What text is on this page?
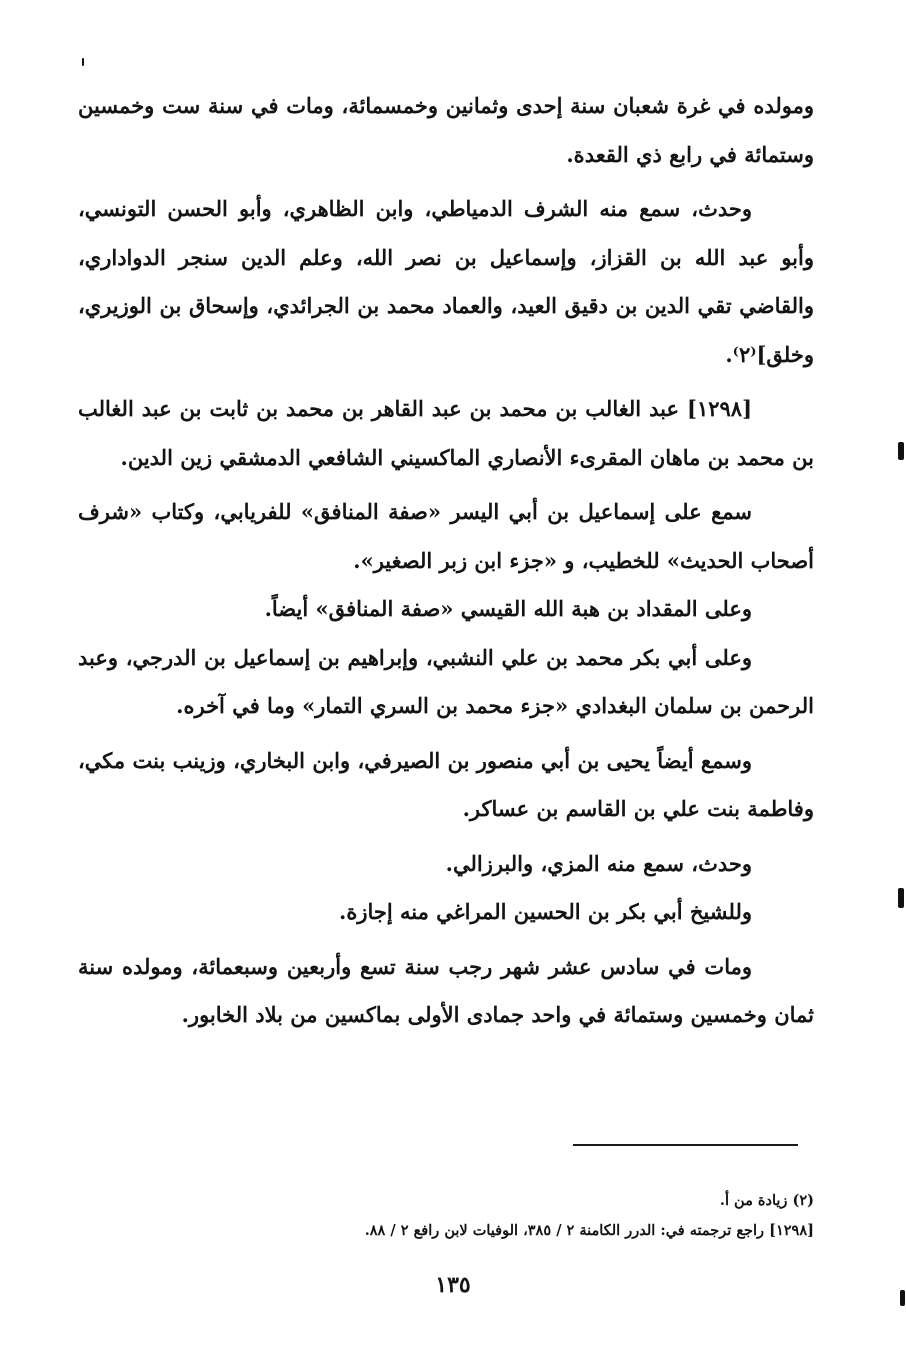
ومولده في غرة شعبان سنة إحدى وثمانين وخمسمائة، ومات في سنة ست وخمسين وستمائة في رابع ذي القعدة.

وحدث، سمع منه الشرف الدمياطي، وابن الظاهري، وأبو الحسن التونسي، وأبو عبد الله بن القزاز، وإسماعيل بن نصر الله، وعلم الدين سنجر الدواداري، والقاضي تقي الدين بن دقيق العيد، والعماد محمد بن الجرائدي، وإسحاق بن الوزيري، وخلق]⁽٢⁾.

[١٢٩٨] عبد الغالب بن محمد بن عبد القاهر بن محمد بن ثابت بن عبد الغالب بن محمد بن ماهان المقرىء الأنصاري الماكسيني الشافعي الدمشقي زين الدين.

سمع على إسماعيل بن أبي اليسر «صفة المنافق» للفريابي، وكتاب «شرف أصحاب الحديث» للخطيب، و «جزء ابن زبر الصغير».

وعلى المقداد بن هبة الله القيسي «صفة المنافق» أيضاً.

وعلى أبي بكر محمد بن علي النشبي، وإبراهيم بن إسماعيل بن الدرجي، وعبد الرحمن بن سلمان البغدادي «جزء محمد بن السري التمار» وما في آخره.

وسمع أيضاً يحيى بن أبي منصور بن الصيرفي، وابن البخاري، وزينب بنت مكي، وفاطمة بنت علي بن القاسم بن عساكر.

وحدث، سمع منه المزي، والبرزالي.

وللشيخ أبي بكر بن الحسين المراغي منه إجازة.

ومات في سادس عشر شهر رجب سنة تسع وأربعين وسبعمائة، ومولده سنة ثمان وخمسين وستمائة في واحد جمادى الأولى بماكسين من بلاد الخابور.

(٢) زيادة من أ.

[١٢٩٨] راجع ترجمته في: الدرر الكامنة ٢ / ٣٨٥، الوفيات لابن رافع ٢ / ٨٨.

١٣٥
